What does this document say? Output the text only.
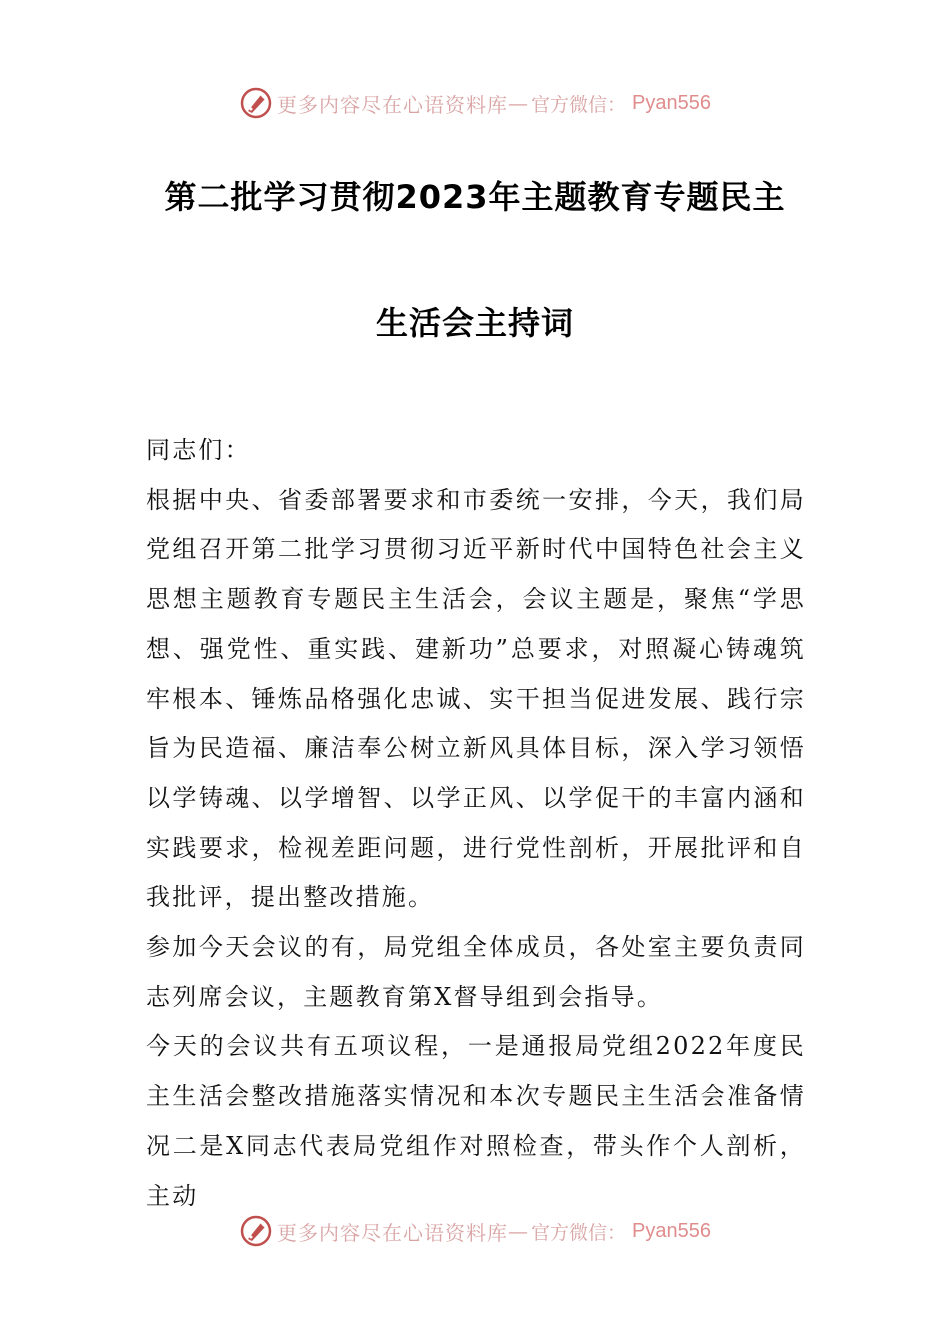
更多内容尽在心语资料库 — 官方微信： Pyan556
第二批学习贯彻2023年主题教育专题民主
生活会主持词

同志们：

根据中央、省委部署要求和市委统一安排，今天，我们局党组召开第二批学习贯彻习近平新时代中国特色社会主义思想主题教育专题民主生活会，会议主题是，聚焦“学思想、强党性、重实践、建新功”总要求，对照凝心铸魂筑牢根本、锤炼品格强化忠诚、实干担当促进发展、践行宗旨为民造福、廉洁奉公树立新风具体目标，深入学习领悟以学铸魂、以学增智、以学正风、以学促干的丰富内涵和实践要求，检视差距问题，进行党性剖析，开展批评和自我批评，提出整改措施。

参加今天会议的有，局党组全体成员，各处室主要负责同志列席会议，主题教育第X督导组到会指导。

今天的会议共有五项议程，一是通报局党组2022年度民主生活会整改措施落实情况和本次专题民主生活会准备情况二是X同志代表局党组作对照检查，带头作个人剖析，主动

更多内容尽在心语资料库 — 官方微信： Pyan556
